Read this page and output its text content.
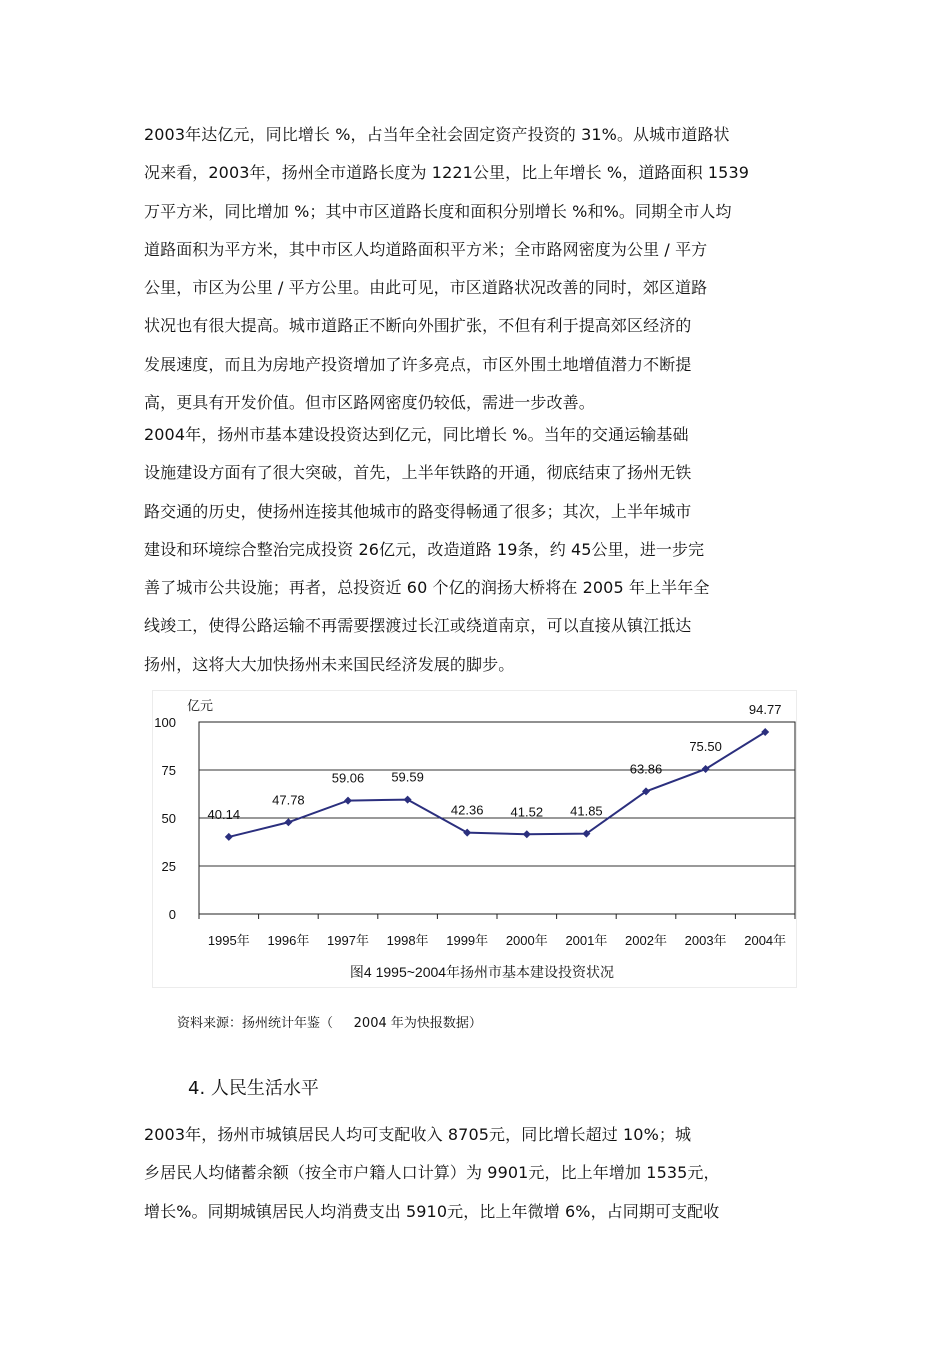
2003年达亿元，同比增长 %，占当年全社会固定资产投资的 31%。从城市道路状
况来看，2003年，扬州全市道路长度为 1221公里，比上年增长 %，道路面积 1539
万平方米，同比增加 %；其中市区道路长度和面积分别增长 %和%。同期全市人均
道路面积为平方米，其中市区人均道路面积平方米；全市路网密度为公里 / 平方
公里，市区为公里 / 平方公里。由此可见，市区道路状况改善的同时，郊区道路
状况也有很大提高。城市道路正不断向外围扩张，不但有利于提高郊区经济的
发展速度，而且为房地产投资增加了许多亮点，市区外围土地增值潜力不断提
高，更具有开发价值。但市区路网密度仍较低，需进一步改善。
2004年，扬州市基本建设投资达到亿元，同比增长 %。当年的交通运输基础
设施建设方面有了很大突破，首先，上半年铁路的开通，彻底结束了扬州无铁
路交通的历史，使扬州连接其他城市的路变得畅通了很多；其次，上半年城市
建设和环境综合整治完成投资 26亿元，改造道路 19条，约 45公里，进一步完
善了城市公共设施；再者，总投资近 60 个亿的润扬大桥将在 2005 年上半年全
线竣工，使得公路运输不再需要摆渡过长江或绕道南京，可以直接从镇江抵达
扬州，这将大大加快扬州未来国民经济发展的脚步。
0
25
50
75
100
1995年 1996年 1997年 1998年 1999年 2000年 2001年 2002年 2003年 2004年
40.14
47.78
59.06 59.59
42.36 41.52 41.85
63.86
75.50
94.77
亿元
图4 1995~2004年扬州市基本建设投资状况
资料来源：扬州统计年鉴（     2004 年为快报数据）
4. 人民生活水平
2003年，扬州市城镇居民人均可支配收入 8705元，同比增长超过 10%；城
乡居民人均储蓄余额（按全市户籍人口计算）为 9901元，比上年增加 1535元，
增长%。同期城镇居民人均消费支出 5910元，比上年微增 6%，占同期可支配收
